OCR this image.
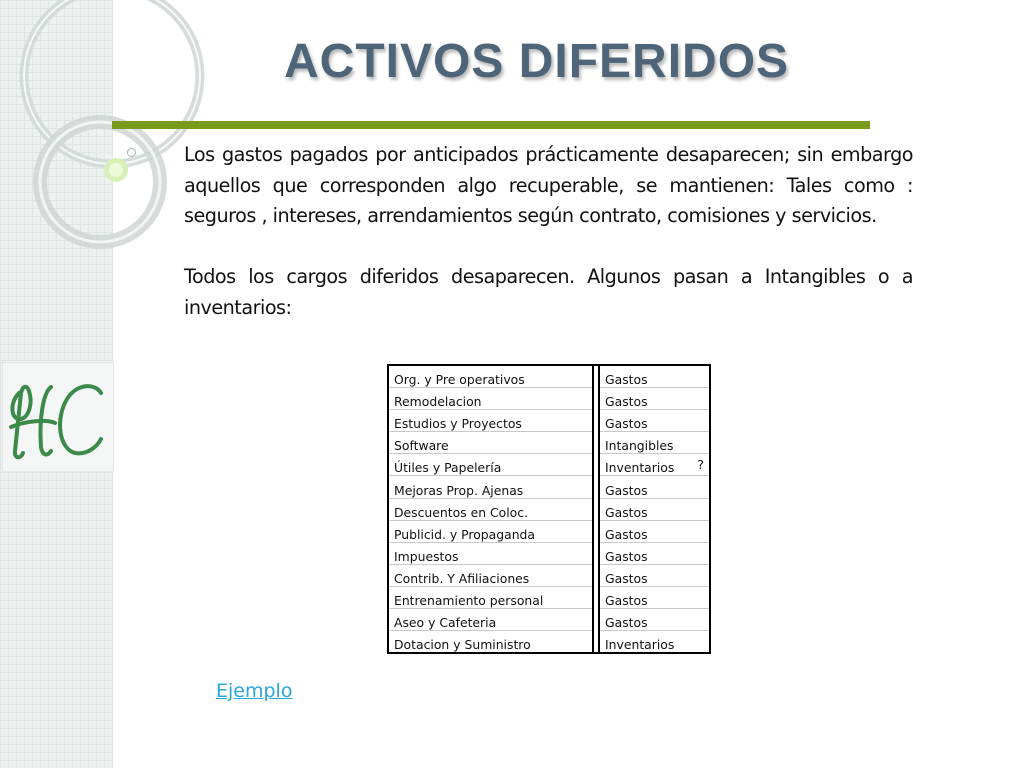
ACTIVOS DIFERIDOS

Los gastos pagados por anticipados prácticamente desaparecen; sin embargo aquellos que corresponden algo recuperable, se mantienen: Tales como : seguros , intereses, arrendamientos según contrato, comisiones y servicios.

Todos los cargos diferidos desaparecen. Algunos pasan a Intangibles o a inventarios:

Org. y Pre operativos		Gastos

Remodelacion		Gastos

Estudios y Proyectos		Gastos

Software		Intangibles

Útiles y Papelería		Inventarios ?

Mejoras Prop. Ajenas		Gastos

Descuentos en Coloc.		Gastos

Publicid. y Propaganda		Gastos

Impuestos		Gastos

Contrib. Y Afiliaciones		Gastos

Entrenamiento personal		Gastos

Aseo y Cafeteria		Gastos

Dotacion y Suministro		Inventarios
Ejemplo
